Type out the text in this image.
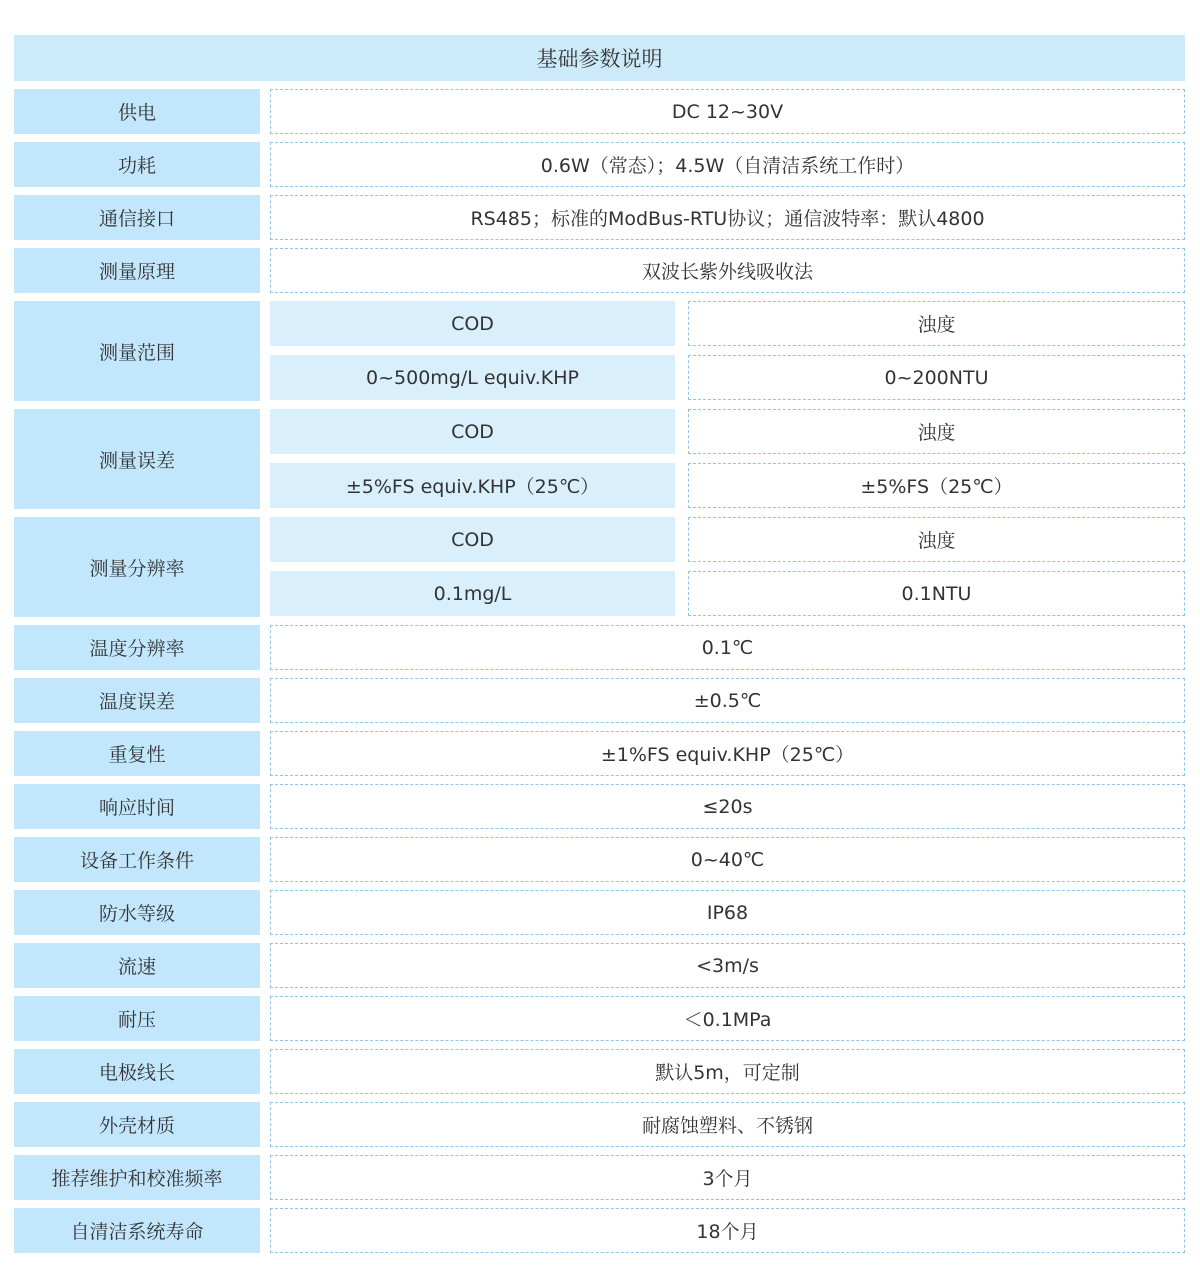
基础参数说明
供电	DC 12~30V
功耗	0.6W（常态）；4.5W（自清洁系统工作时）
通信接口	RS485；标准的ModBus-RTU协议；通信波特率：默认4800
测量原理	双波长紫外线吸收法
测量范围
COD	浊度
0~500mg/L equiv.KHP	0~200NTU
测量误差
COD	浊度
±5%FS equiv.KHP（25℃）	±5%FS（25℃）
测量分辨率
COD	浊度
0.1mg/L	0.1NTU
温度分辨率	0.1℃
温度误差	±0.5℃
重复性	±1%FS equiv.KHP（25℃）
响应时间	≤20s
设备工作条件	0~40℃
防水等级	IP68
流速	<3m/s
耐压	＜0.1MPa
电极线长	默认5m，可定制
外壳材质	耐腐蚀塑料、不锈钢
推荐维护和校准频率	3个月
自清洁系统寿命	18个月
